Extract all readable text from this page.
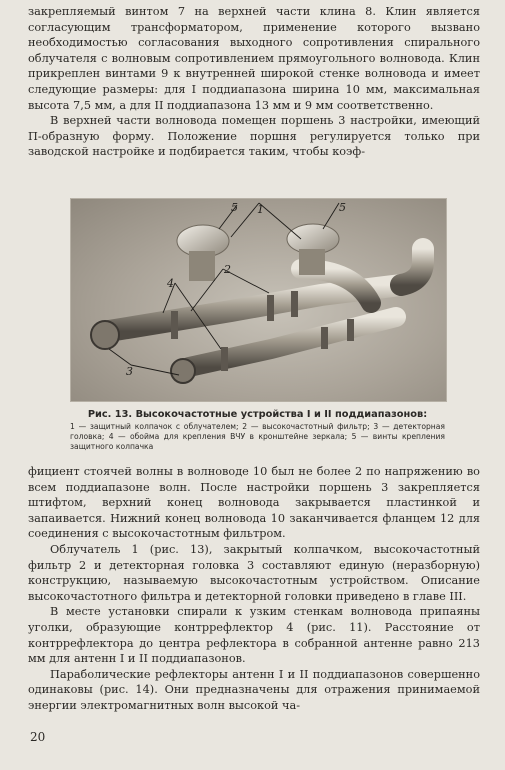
закрепляемый винтом 7 на верхней части клина 8. Клин является согласующим трансформатором, применение которого вызвано необходимостью согласования выходного сопротивления спирального облучателя с волновым сопротивлением прямоугольного волновода. Клин прикреплен винтами 9 к внутренней широкой стенке волновода и имеет следующие размеры: для I поддиапазона ширина 10 мм, максимальная высота 7,5 мм, а для II поддиапазона 13 мм и 9 мм соответственно.

В верхней части волновода помещен поршень 3 настройки, имеющий П-образную форму. Положение поршня регулируется только при заводской настройке и подбирается таким, чтобы коэф-

1
2
3
4
5	5

Рис. 13. Высокочастотные устройства I и II поддиапазонов:

1 — защитный колпачок с облучателем; 2 — высокочастотный фильтр; 3 — детекторная головка; 4 — обойма для крепления ВЧУ в кронштейне зеркала; 5 — винты крепления защитного колпачка

фициент стоячей волны в волноводе 10 был не более 2 по напряжению во всем поддиапазоне волн. После настройки поршень 3 закрепляется штифтом, верхний конец волновода закрывается пластинкой и запаивается. Нижний конец волновода 10 заканчивается фланцем 12 для соединения с высокочастотным фильтром.

Облучатель 1 (рис. 13), закрытый колпачком, высокочастотный фильтр 2 и детекторная головка 3 составляют единую (неразборную) конструкцию, называемую высокочастотным устройством. Описание высокочастотного фильтра и детекторной головки приведено в главе III.

В месте установки спирали к узким стенкам волновода припаяны уголки, образующие контррефлектор 4 (рис. 11). Расстояние от контррефлектора до центра рефлектора в собранной антенне равно 213 мм для антенн I и II поддиапазонов.

Параболические рефлекторы антенн I и II поддиапазонов совершенно одинаковы (рис. 14). Они предназначены для отражения принимаемой энергии электромагнитных волн высокой ча-

20
